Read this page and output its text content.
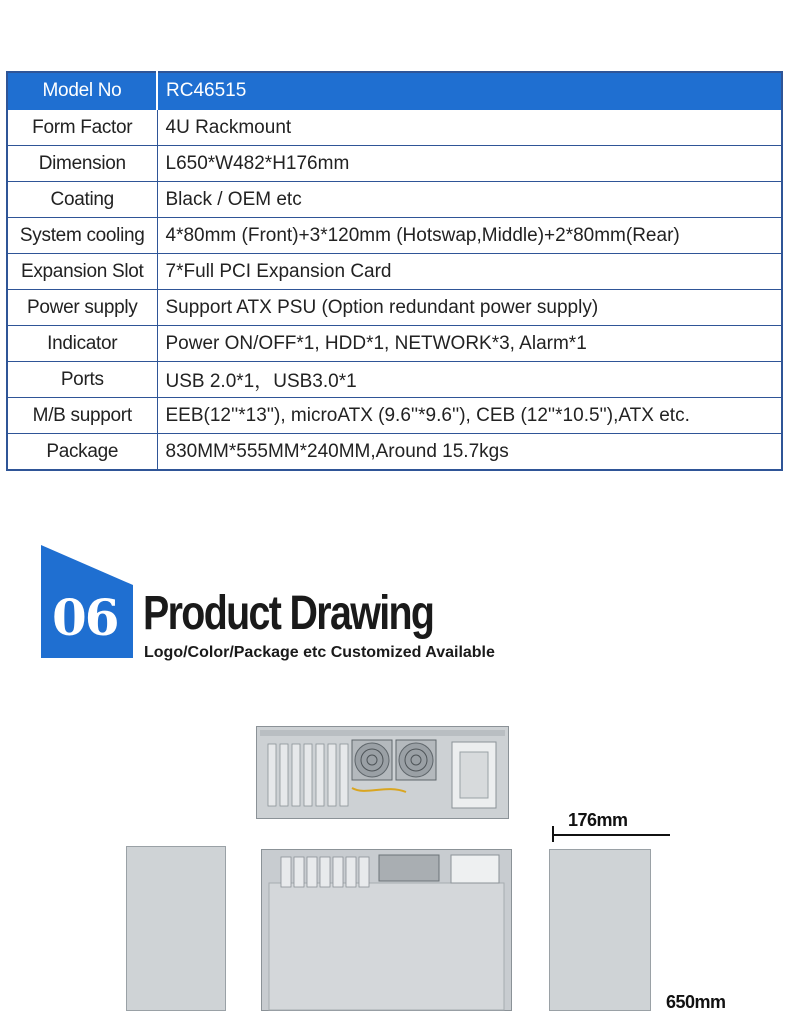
Model No	RC46515
Form Factor	4U Rackmount
Dimension	L650*W482*H176mm
Coating	Black / OEM etc
System cooling	4*80mm (Front)+3*120mm (Hotswap,Middle)+2*80mm(Rear)
Expansion Slot	7*Full PCI Expansion Card
Power supply	Support ATX PSU (Option redundant power supply)
Indicator	Power ON/OFF*1, HDD*1, NETWORK*3, Alarm*1
Ports	USB 2.0*1，USB3.0*1
M/B support	EEB(12''*13''), microATX (9.6''*9.6''), CEB (12''*10.5''),ATX etc.
Package	830MM*555MM*240MM,Around 15.7kgs
06 Product Drawing
Logo/Color/Package etc Customized Available
176mm
650mm
